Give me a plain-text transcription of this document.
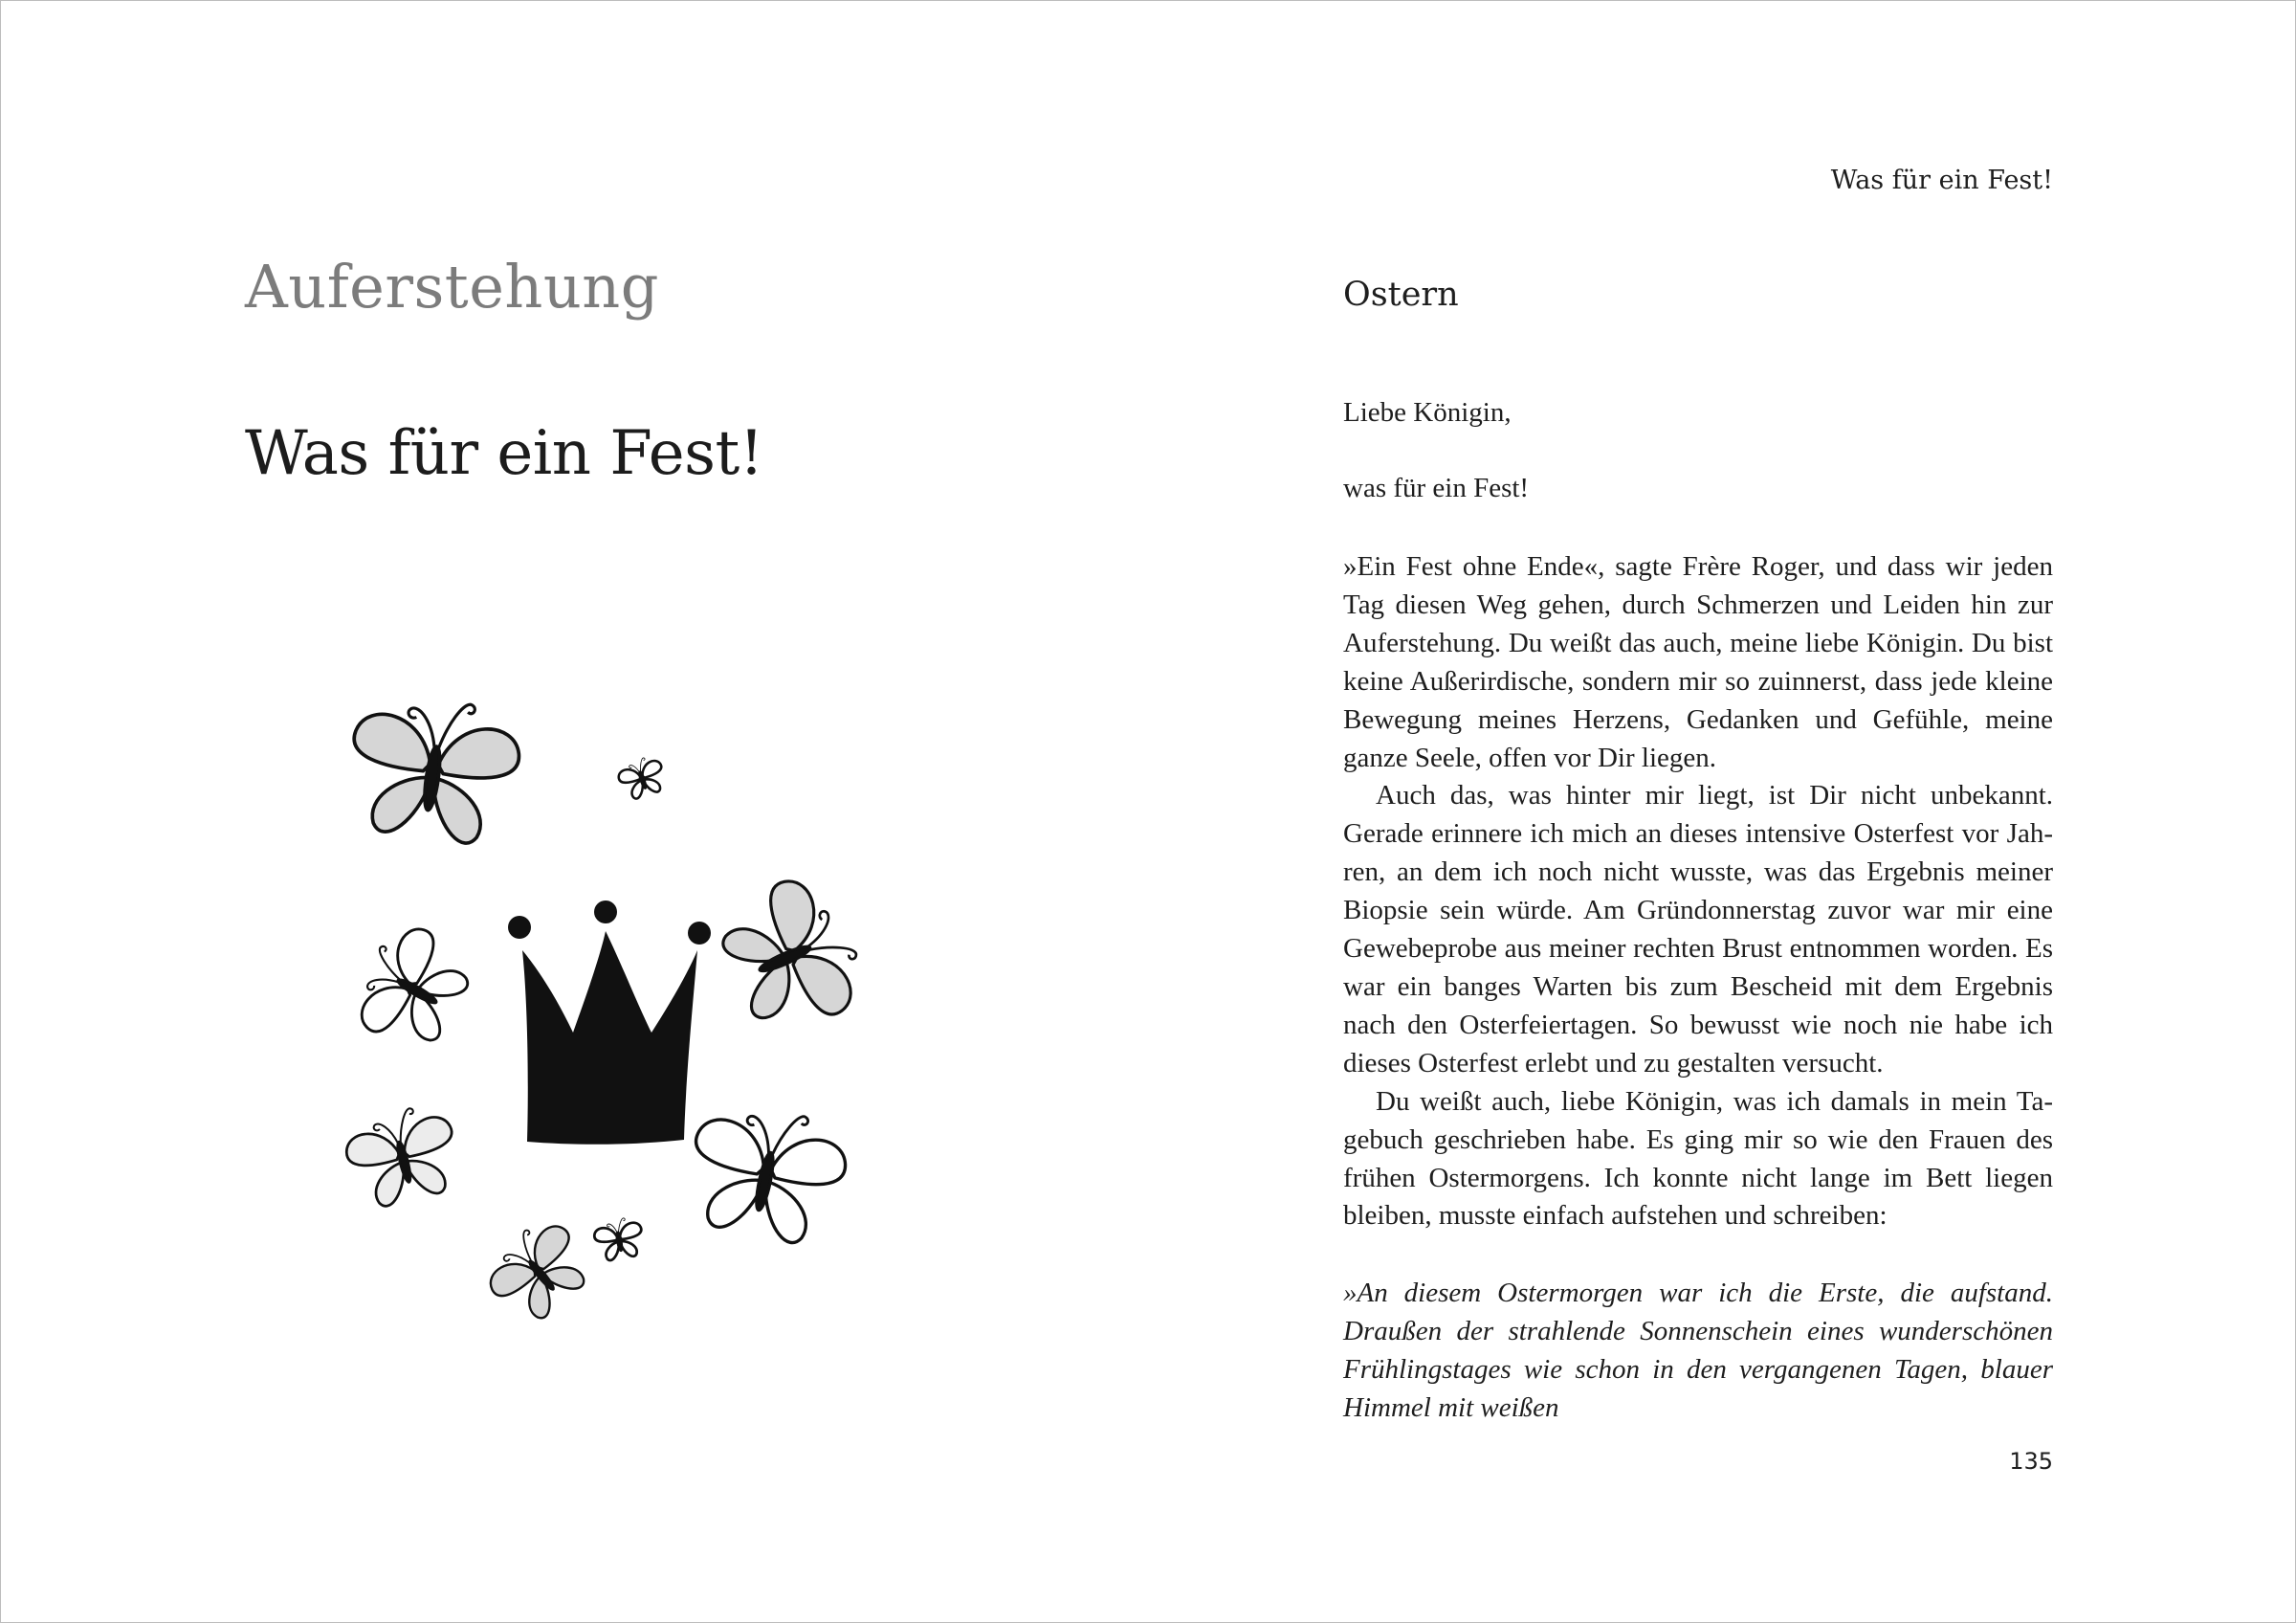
Auferstehung
Was für ein Fest!
Was für ein Fest!
Ostern
Liebe Königin,
was für ein Fest!

»Ein Fest ohne Ende«, sagte Frère Roger, und dass wir jeden Tag diesen Weg gehen, durch Schmerzen und Leiden hin zur Auferstehung. Du weißt das auch, meine liebe Königin. Du bist keine Außerirdische, sondern mir so zuinnerst, dass jede kleine Bewegung meines Herzens, Gedanken und Gefühle, meine ganze Seele, offen vor Dir liegen.

Auch das, was hinter mir liegt, ist Dir nicht unbekannt. Gerade erinnere ich mich an dieses intensive Osterfest vor Jahren, an dem ich noch nicht wusste, was das Ergebnis meiner Biopsie sein würde. Am Gründonnerstag zuvor war mir eine Gewebeprobe aus meiner rechten Brust entnommen worden. Es war ein banges Warten bis zum Bescheid mit dem Ergebnis nach den Osterfeiertagen. So bewusst wie noch nie habe ich dieses Osterfest erlebt und zu gestalten versucht.

Du weißt auch, liebe Königin, was ich damals in mein Tagebuch geschrieben habe. Es ging mir so wie den Frauen des frühen Ostermorgens. Ich konnte nicht lange im Bett liegen bleiben, musste einfach aufstehen und schreiben:

»An diesem Ostermorgen war ich die Erste, die aufstand. Draußen der strahlende Sonnenschein eines wunderschönen Frühlingstages wie schon in den vergangenen Tagen, blauer Himmel mit weißen

135
